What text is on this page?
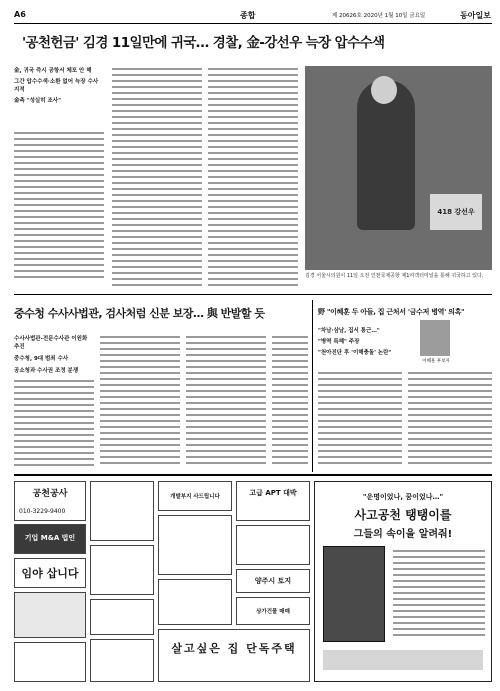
A6	종합	제 20626호 2020년 1월 10일 금요일	동아일보
'공천헌금' 김경 11일만에 귀국… 경찰, 金-강선우 늑장 압수수색
金, 귀국 즉시 공항서 체포 안 해
그간 압수수색·소환 없어 늑장 수사 지적
金측 "성실히 조사"
418 강선우
김경 서울시의원이 11일 오전 인천국제공항 제1여객터미널을 통해 귀국하고 있다.
중수청 수사사법관, 검사처럼 신분 보장… 與 반발할 듯
수사사법관-전문수사관 이원화 추진
중수청, 9대 범죄 수사
공소청과 수사권 조정 분쟁
野 "이혜훈 두 아들, 집 근처서 '금수저 병역' 의혹"
"차남·삼남, 집서 통근…"
"병역 특혜" 주장
"천아진단 후 '이해충돌' 논란"
이혜훈 후보자
공천공사
010-3229-9400
기업 M&A 법인
임야 삽니다
개발부지 사드립니다	고급 APT 대박
양주시 토지
상가건물 매매
살고싶은 집 단독주택
"운명이었나, 꿈이었나…"
사고공천 탱탱이를
그들의 속이을 알려줘!
